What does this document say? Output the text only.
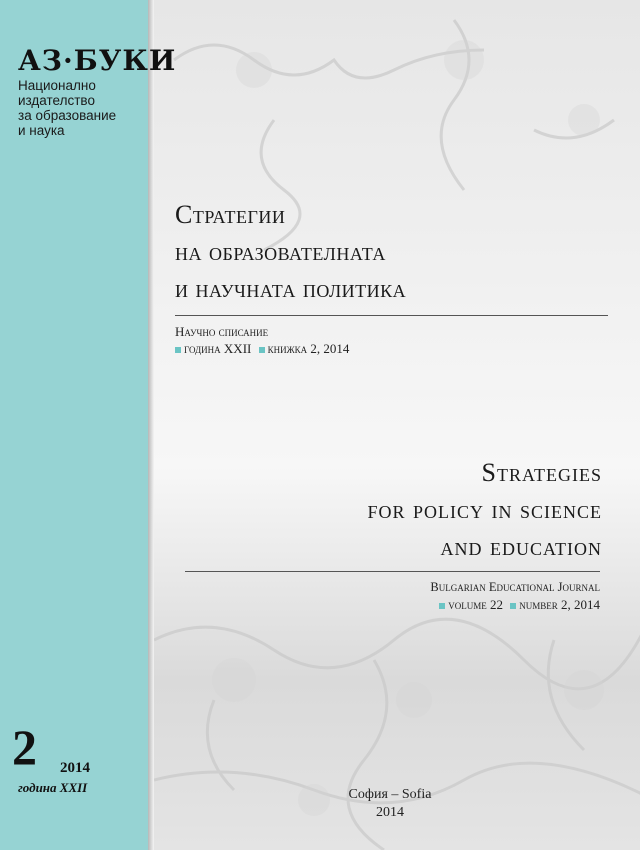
АЗ·БУКИ
Национално
издателство
за образование
и наука
2 2014
година XXII
Стратегии
на образователната
и научната политика
Научно списание
година XXII книжка 2, 2014
Strategies
for policy in science
and education
Bulgarian Educational Journal
volume 22 number 2, 2014
София – Sofia
2014
